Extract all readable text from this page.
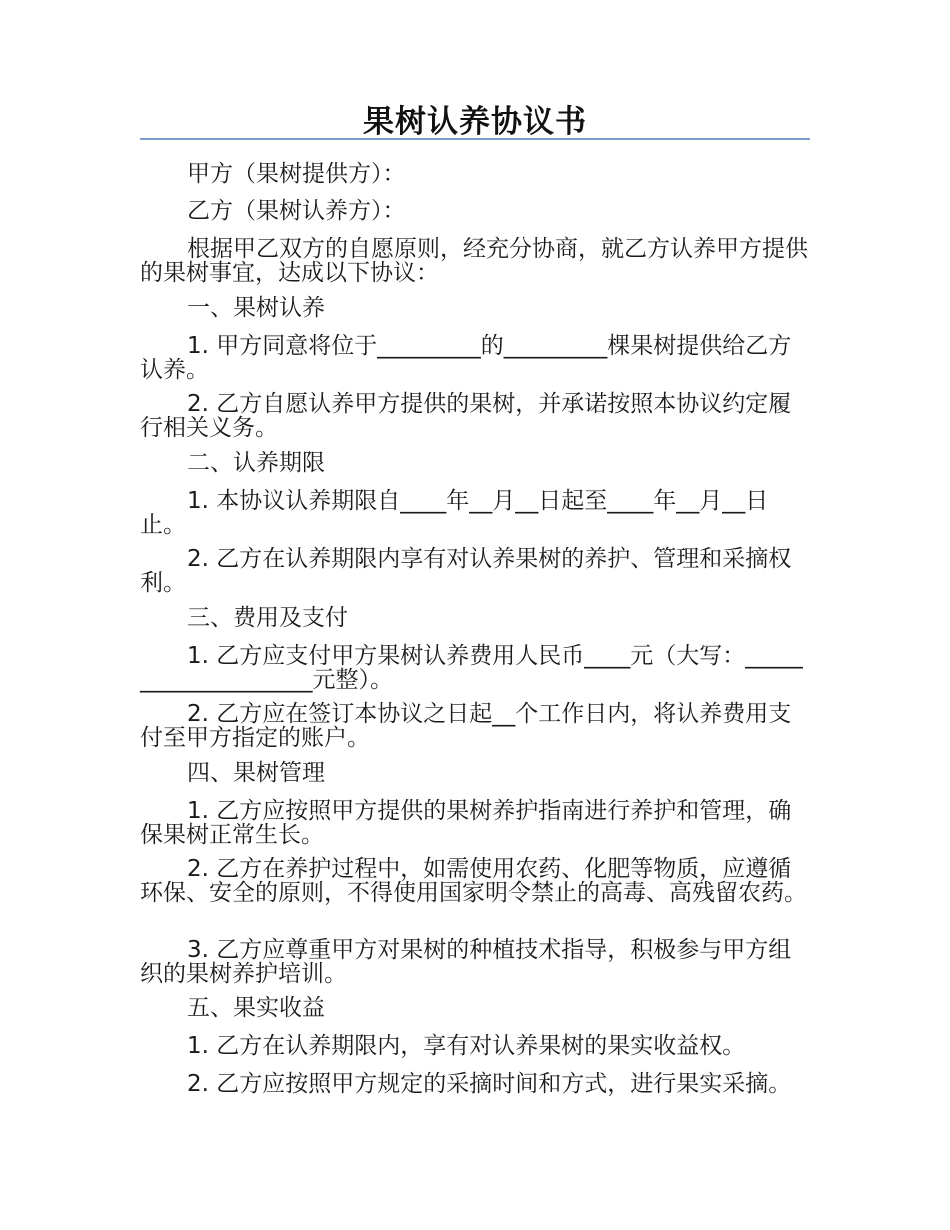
果树认养协议书
甲方（果树提供方）：
乙方（果树认养方）：
根据甲乙双方的自愿原则，经充分协商，就乙方认养甲方提供的果树事宜，达成以下协议：
一、果树认养
1. 甲方同意将位于_________的_________棵果树提供给乙方认养。
2. 乙方自愿认养甲方提供的果树，并承诺按照本协议约定履行相关义务。
二、认养期限
1. 本协议认养期限自____年__月__日起至____年__月__日止。
2. 乙方在认养期限内享有对认养果树的养护、管理和采摘权利。
三、费用及支付
1. 乙方应支付甲方果树认养费用人民币____元（大写：____________________元整）。
2. 乙方应在签订本协议之日起__个工作日内，将认养费用支付至甲方指定的账户。
四、果树管理
1. 乙方应按照甲方提供的果树养护指南进行养护和管理，确保果树正常生长。
2. 乙方在养护过程中，如需使用农药、化肥等物质，应遵循环保、安全的原则，不得使用国家明令禁止的高毒、高残留农药。
3. 乙方应尊重甲方对果树的种植技术指导，积极参与甲方组织的果树养护培训。
五、果实收益
1. 乙方在认养期限内，享有对认养果树的果实收益权。
2. 乙方应按照甲方规定的采摘时间和方式，进行果实采摘。
